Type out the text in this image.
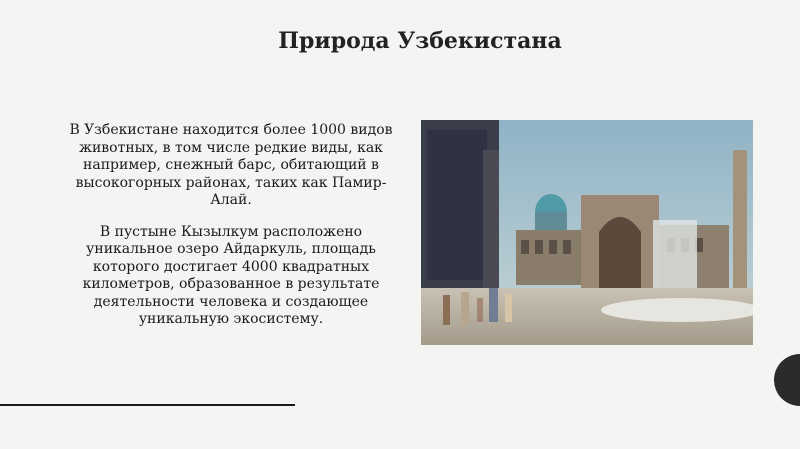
Природа Узбекистана

В Узбекистане находится более 1000 видов животных, в том числе редкие виды, как например, снежный барс, обитающий в высокогорных районах, таких как Памир-Алай.

В пустыне Кызылкум расположено уникальное озеро Айдаркуль, площадь которого достигает 4000 квадратных километров, образованное в результате деятельности человека и создающее уникальную экосистему.
